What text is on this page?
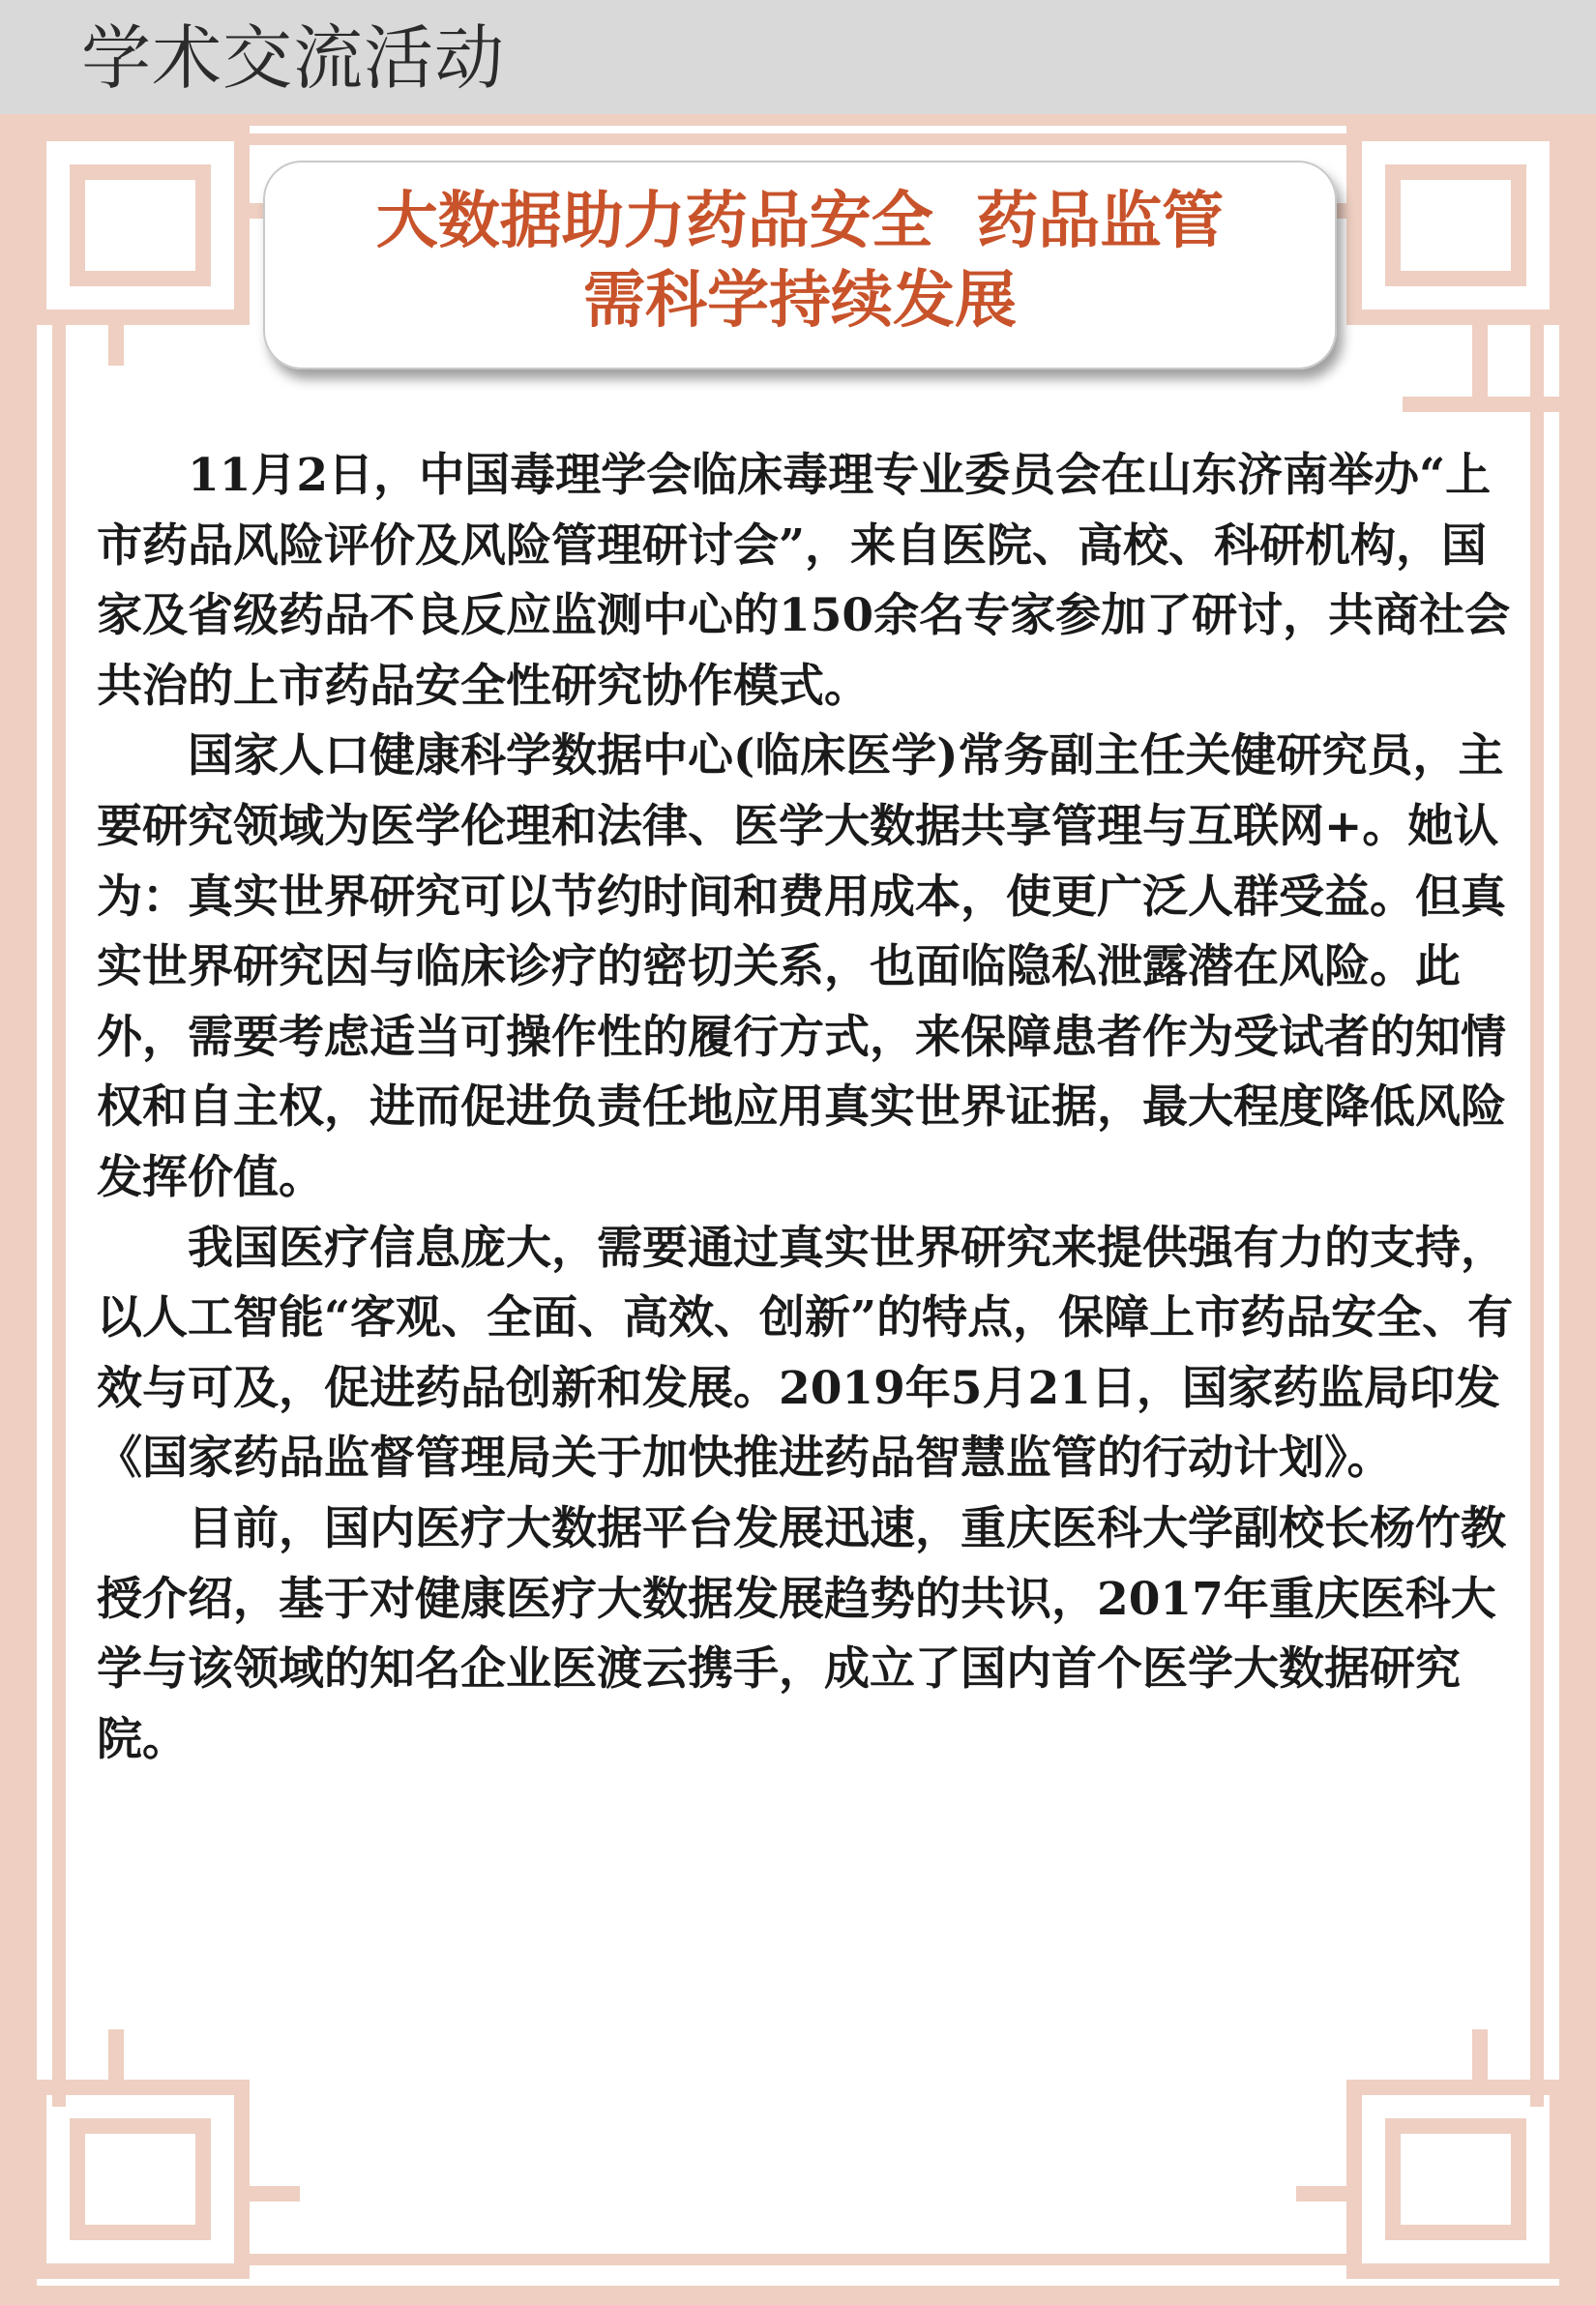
学术交流活动
大数据助力药品安全  药品监管
需科学持续发展

11月2日，中国毒理学会临床毒理专业委员会在山东济南举办“上市药品风险评价及风险管理研讨会”，来自医院、高校、科研机构，国家及省级药品不良反应监测中心的150余名专家参加了研讨，共商社会共治的上市药品安全性研究协作模式。

国家人口健康科学数据中心(临床医学)常务副主任关健研究员，主要研究领域为医学伦理和法律、医学大数据共享管理与互联网+。她认为：真实世界研究可以节约时间和费用成本，使更广泛人群受益。但真实世界研究因与临床诊疗的密切关系，也面临隐私泄露潜在风险。此外，需要考虑适当可操作性的履行方式，来保障患者作为受试者的知情权和自主权，进而促进负责任地应用真实世界证据，最大程度降低风险发挥价值。

我国医疗信息庞大，需要通过真实世界研究来提供强有力的支持，以人工智能“客观、全面、高效、创新”的特点，保障上市药品安全、有效与可及，促进药品创新和发展。2019年5月21日，国家药监局印发《国家药品监督管理局关于加快推进药品智慧监管的行动计划》。

目前，国内医疗大数据平台发展迅速，重庆医科大学副校长杨竹教授介绍，基于对健康医疗大数据发展趋势的共识，2017年重庆医科大学与该领域的知名企业医渡云携手，成立了国内首个医学大数据研究院。
